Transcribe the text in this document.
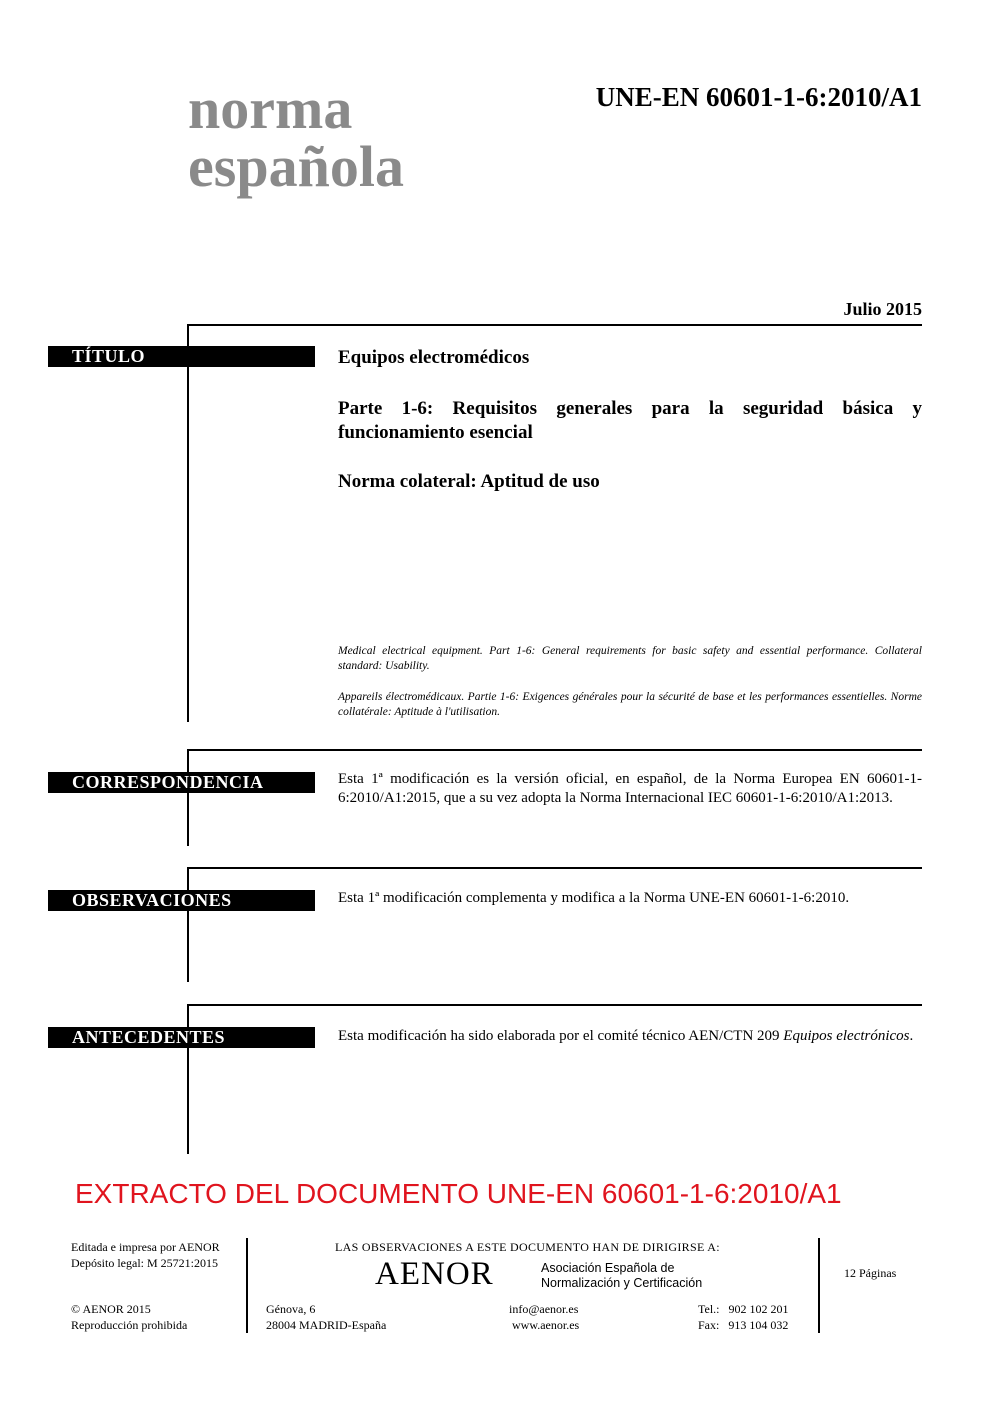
norma
española
UNE-EN 60601-1-6:2010/A1
Julio 2015
TÍTULO	Equipos electromédicos
Parte 1-6: Requisitos generales para la seguridad básica y funcionamiento esencial
Norma colateral: Aptitud de uso
Medical electrical equipment. Part 1-6: General requirements for basic safety and essential performance. Collateral standard: Usability.
Appareils électromédicaux. Partie 1-6: Exigences générales pour la sécurité de base et les performances essentielles. Norme collatérale: Aptitude à l'utilisation.
CORRESPONDENCIA	Esta 1ª modificación es la versión oficial, en español, de la Norma Europea EN 60601-1-6:2010/A1:2015, que a su vez adopta la Norma Internacional IEC 60601-1-6:2010/A1:2013.
OBSERVACIONES	Esta 1ª modificación complementa y modifica a la Norma UNE-EN 60601-1-6:2010.
ANTECEDENTES	Esta modificación ha sido elaborada por el comité técnico AEN/CTN 209 Equipos electrónicos.
EXTRACTO DEL DOCUMENTO UNE-EN 60601-1-6:2010/A1
Editada e impresa por AENOR
Depósito legal: M 25721:2015
© AENOR 2015
Reproducción prohibida
LAS OBSERVACIONES A ESTE DOCUMENTO HAN DE DIRIGIRSE A:
AENOR	Asociación Española de
Normalización y Certificación
Génova, 6
28004 MADRID-España
info@aenor.es
www.aenor.es
Tel.:   902 102 201
Fax:   913 104 032
12 Páginas
